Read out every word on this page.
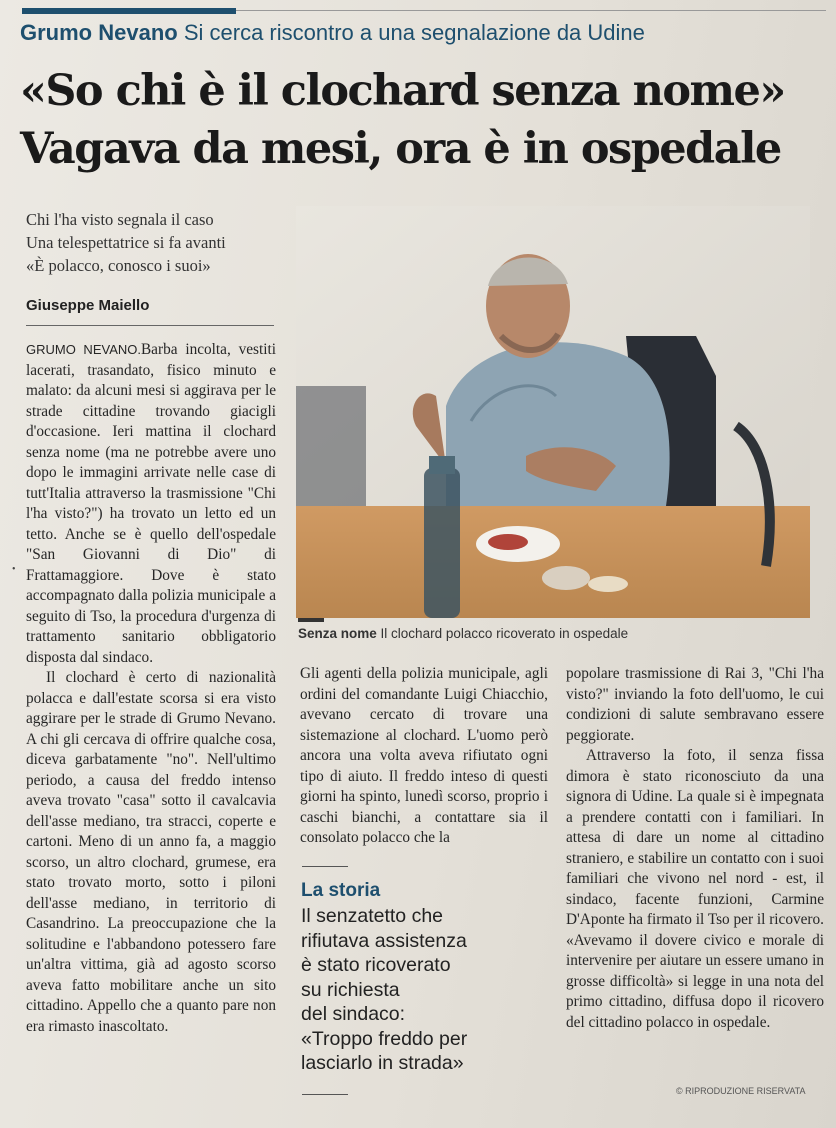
Grumo Nevano Si cerca riscontro a una segnalazione da Udine
«So chi è il clochard senza nome»
Vagava da mesi, ora è in ospedale
Chi l'ha visto segnala il caso
Una telespettatrice si fa avanti
«È polacco, conosco i suoi»
Giuseppe Maiello
•

GRUMO NEVANO.Barba incolta, vestiti lacerati, trasandato, fisico minuto e malato: da alcuni mesi si aggirava per le strade cittadine trovando giacigli d'occasione. Ieri mattina il clochard senza nome (ma ne potrebbe avere uno dopo le immagini arrivate nelle case di tutt'Italia attraverso la trasmissione "Chi l'ha visto?") ha trovato un letto ed un tetto. Anche se è quello dell'ospedale "San Giovanni di Dio" di Frattamaggiore. Dove è stato accompagnato dalla polizia municipale a seguito di Tso, la procedura d'urgenza di trattamento sanitario obbligatorio disposta dal sindaco.

Il clochard è certo di nazionalità polacca e dall'estate scorsa si era visto aggirare per le strade di Grumo Nevano. A chi gli cercava di offrire qualche cosa, diceva garbatamente "no". Nell'ultimo periodo, a causa del freddo intenso aveva trovato "casa" sotto il cavalcavia dell'asse mediano, tra stracci, coperte e cartoni. Meno di un anno fa, a maggio scorso, un altro clochard, grumese, era stato trovato morto, sotto i piloni dell'asse mediano, in territorio di Casandrino. La preoccupazione che la solitudine e l'abbandono potessero fare un'altra vittima, già ad agosto scorso aveva fatto mobilitare anche un sito cittadino. Appello che a quanto pare non era rimasto inascoltato.

Senza nome Il clochard polacco ricoverato in ospedale

Gli agenti della polizia municipale, agli ordini del comandante Luigi Chiacchio, avevano cercato di trovare una sistemazione al clochard. L'uomo però ancora una volta aveva rifiutato ogni tipo di aiuto. Il freddo inteso di questi giorni ha spinto, lunedì scorso, proprio i caschi bianchi, a contattare sia il consolato polacco che la

La storia
Il senzatetto che
rifiutava assistenza
è stato ricoverato
su richiesta
del sindaco:
«Troppo freddo per
lasciarlo in strada»

popolare trasmissione di Rai 3, "Chi l'ha visto?" inviando la foto dell'uomo, le cui condizioni di salute sembravano essere peggiorate.

Attraverso la foto, il senza fissa dimora è stato riconosciuto da una signora di Udine. La quale si è impegnata a prendere contatti con i familiari. In attesa di dare un nome al cittadino straniero, e stabilire un contatto con i suoi familiari che vivono nel nord - est, il sindaco, facente funzioni, Carmine D'Aponte ha firmato il Tso per il ricovero. «Avevamo il dovere civico e morale di intervenire per aiutare un essere umano in grosse difficoltà» si legge in una nota del primo cittadino, diffusa dopo il ricovero del cittadino polacco in ospedale.

© RIPRODUZIONE RISERVATA
